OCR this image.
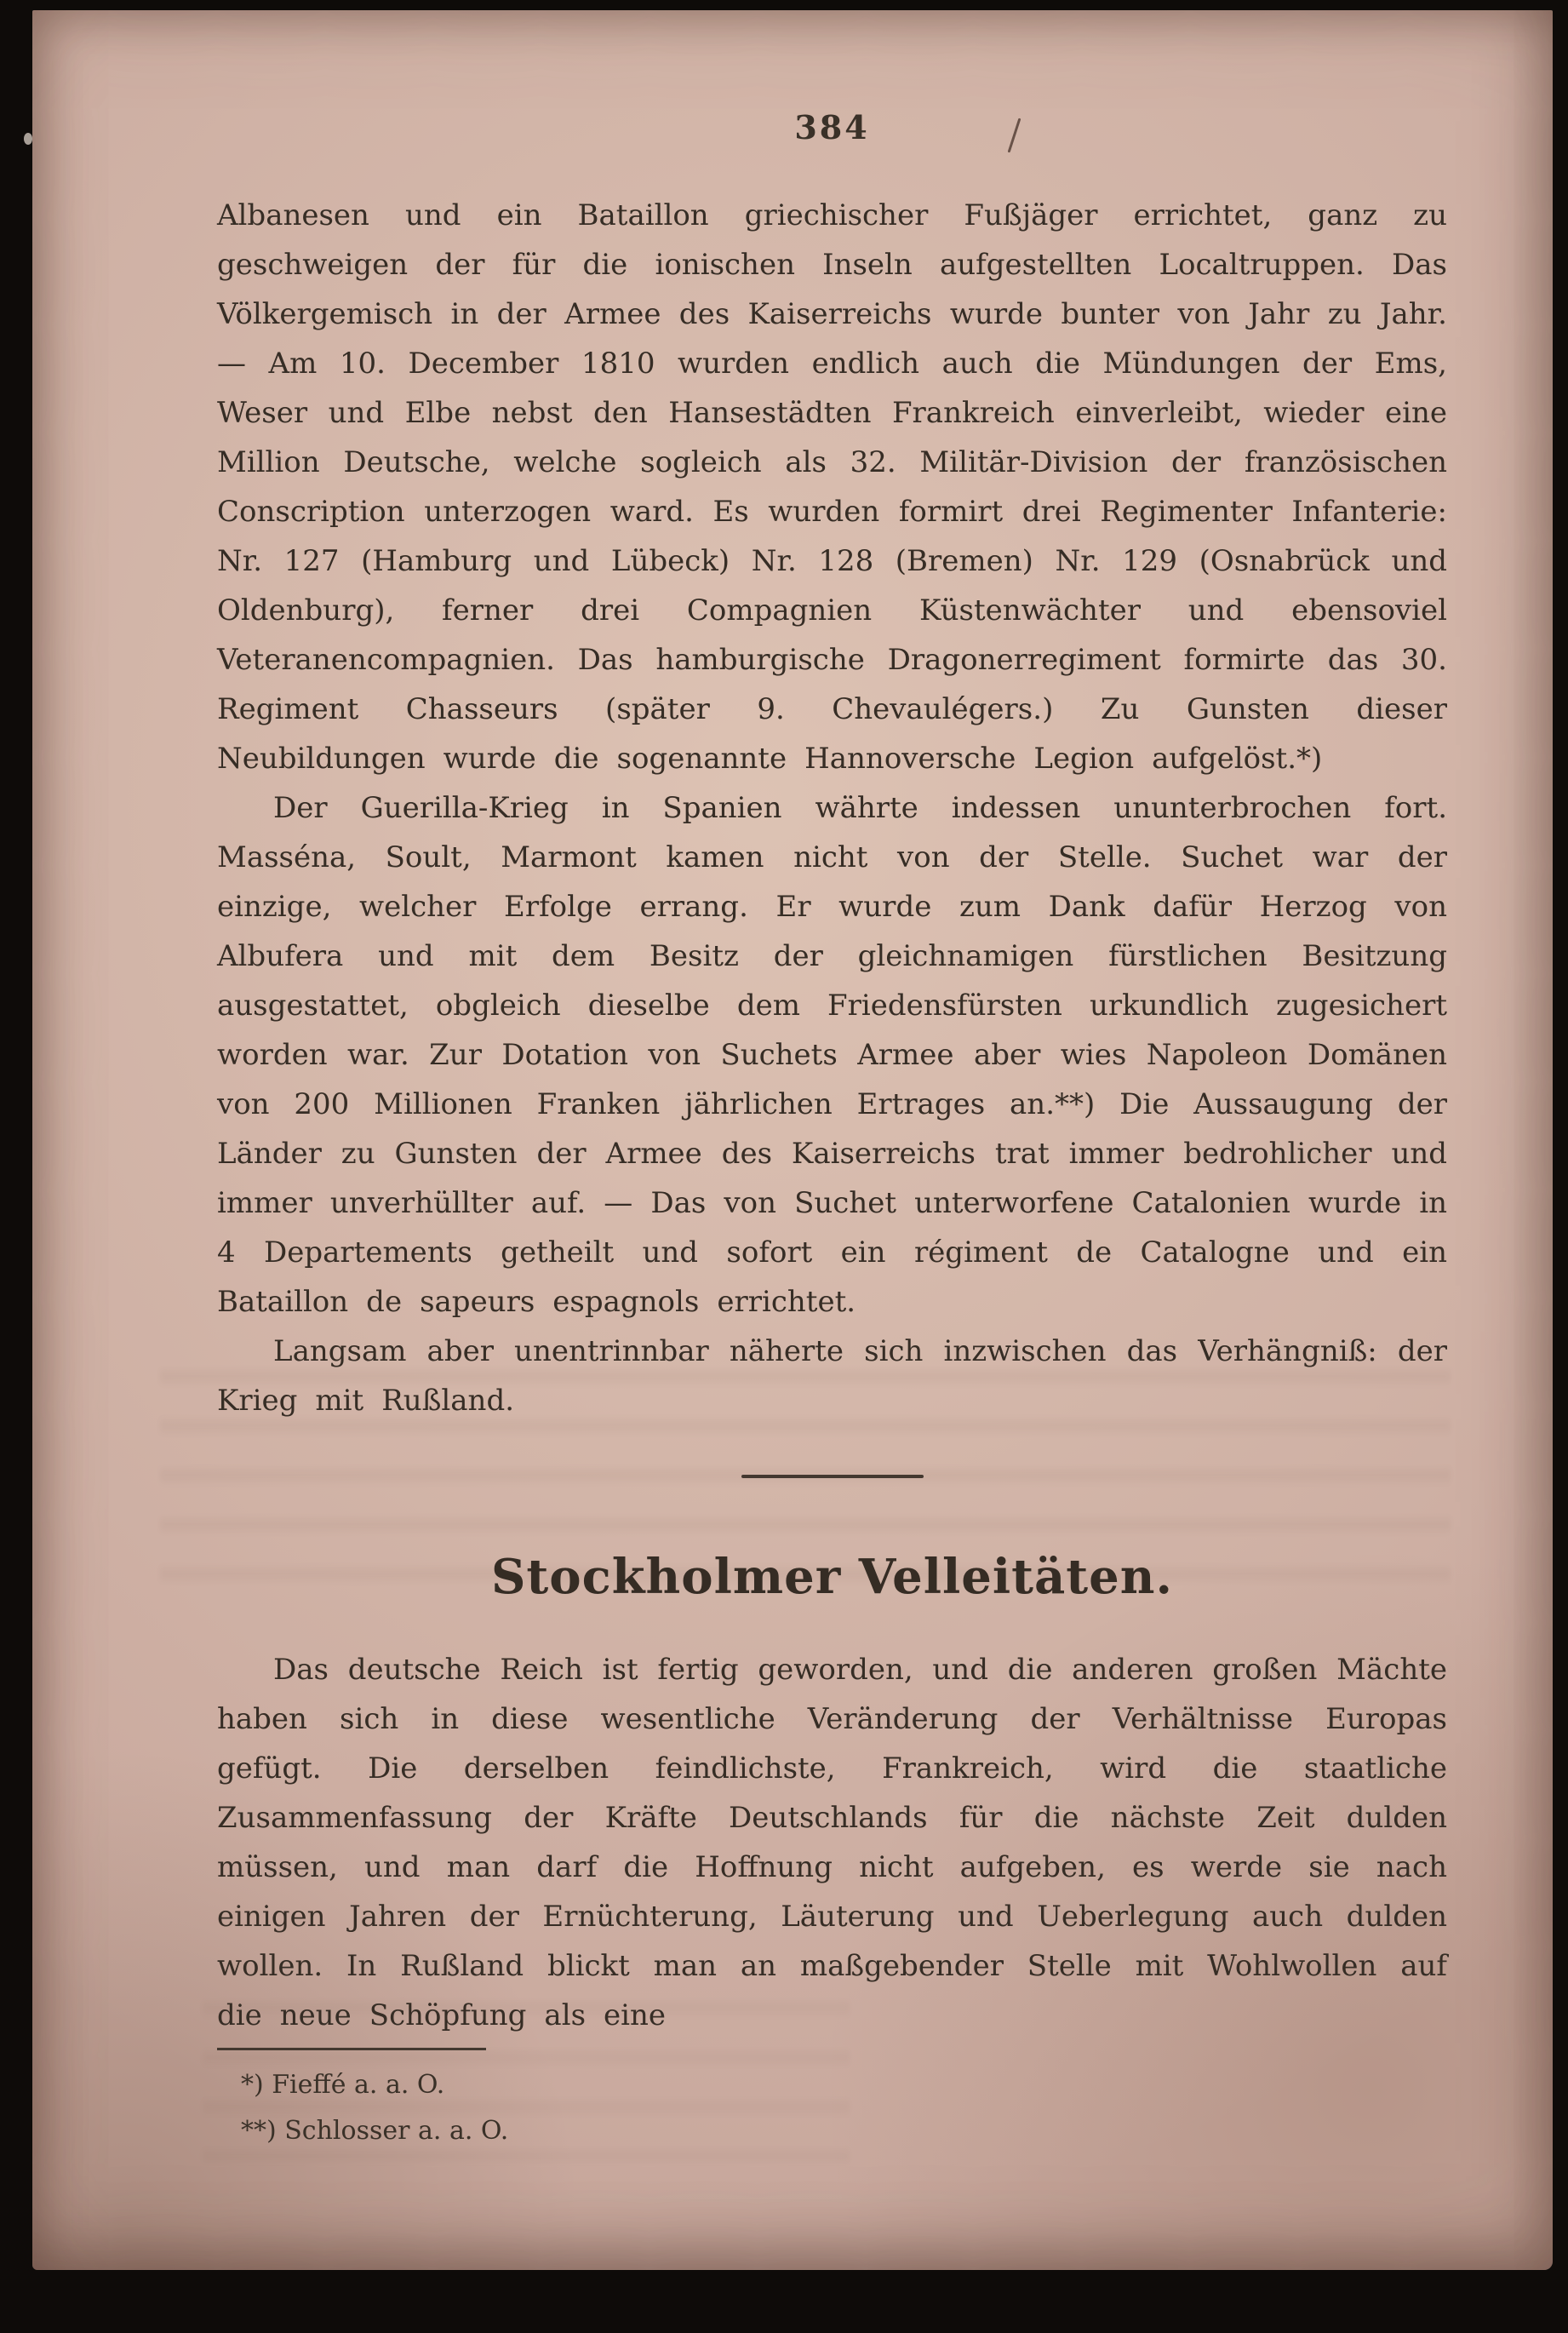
384

Albanesen und ein Bataillon griechischer Fußjäger errichtet, ganz zu geschweigen der für die ionischen Inseln aufgestellten Localtruppen. Das Völkergemisch in der Armee des Kaiserreichs wurde bunter von Jahr zu Jahr. — Am 10. December 1810 wurden endlich auch die Mündungen der Ems, Weser und Elbe nebst den Hansestädten Frankreich einverleibt, wieder eine Million Deutsche, welche sogleich als 32. Militär-Division der französischen Conscription unterzogen ward. Es wurden formirt drei Regimenter Infanterie: Nr. 127 (Hamburg und Lübeck) Nr. 128 (Bremen) Nr. 129 (Osnabrück und Oldenburg), ferner drei Compagnien Küstenwächter und ebensoviel Veteranencompagnien. Das hamburgische Dragonerregiment formirte das 30. Regiment Chasseurs (später 9. Chevaulégers.) Zu Gunsten dieser Neubildungen wurde die sogenannte Hannoversche Legion aufgelöst.*)

Der Guerilla-Krieg in Spanien währte indessen ununterbrochen fort. Masséna, Soult, Marmont kamen nicht von der Stelle. Suchet war der einzige, welcher Erfolge errang. Er wurde zum Dank dafür Herzog von Albufera und mit dem Besitz der gleichnamigen fürstlichen Besitzung ausgestattet, obgleich dieselbe dem Friedensfürsten urkundlich zugesichert worden war. Zur Dotation von Suchets Armee aber wies Napoleon Domänen von 200 Millionen Franken jährlichen Ertrages an.**) Die Aussaugung der Länder zu Gunsten der Armee des Kaiserreichs trat immer bedrohlicher und immer unverhüllter auf. — Das von Suchet unterworfene Catalonien wurde in 4 Departements getheilt und sofort ein régiment de Catalogne und ein Bataillon de sapeurs espagnols errichtet.

Langsam aber unentrinnbar näherte sich inzwischen das Verhängniß: der Krieg mit Rußland.

Stockholmer Velleitäten.

Das deutsche Reich ist fertig geworden, und die anderen großen Mächte haben sich in diese wesentliche Veränderung der Verhältnisse Europas gefügt. Die derselben feindlichste, Frankreich, wird die staatliche Zusammenfassung der Kräfte Deutschlands für die nächste Zeit dulden müssen, und man darf die Hoffnung nicht aufgeben, es werde sie nach einigen Jahren der Ernüchterung, Läuterung und Ueberlegung auch dulden wollen. In Rußland blickt man an maßgebender Stelle mit Wohlwollen auf die neue Schöpfung als eine

*) Fieffé a. a. O.

**) Schlosser a. a. O.
